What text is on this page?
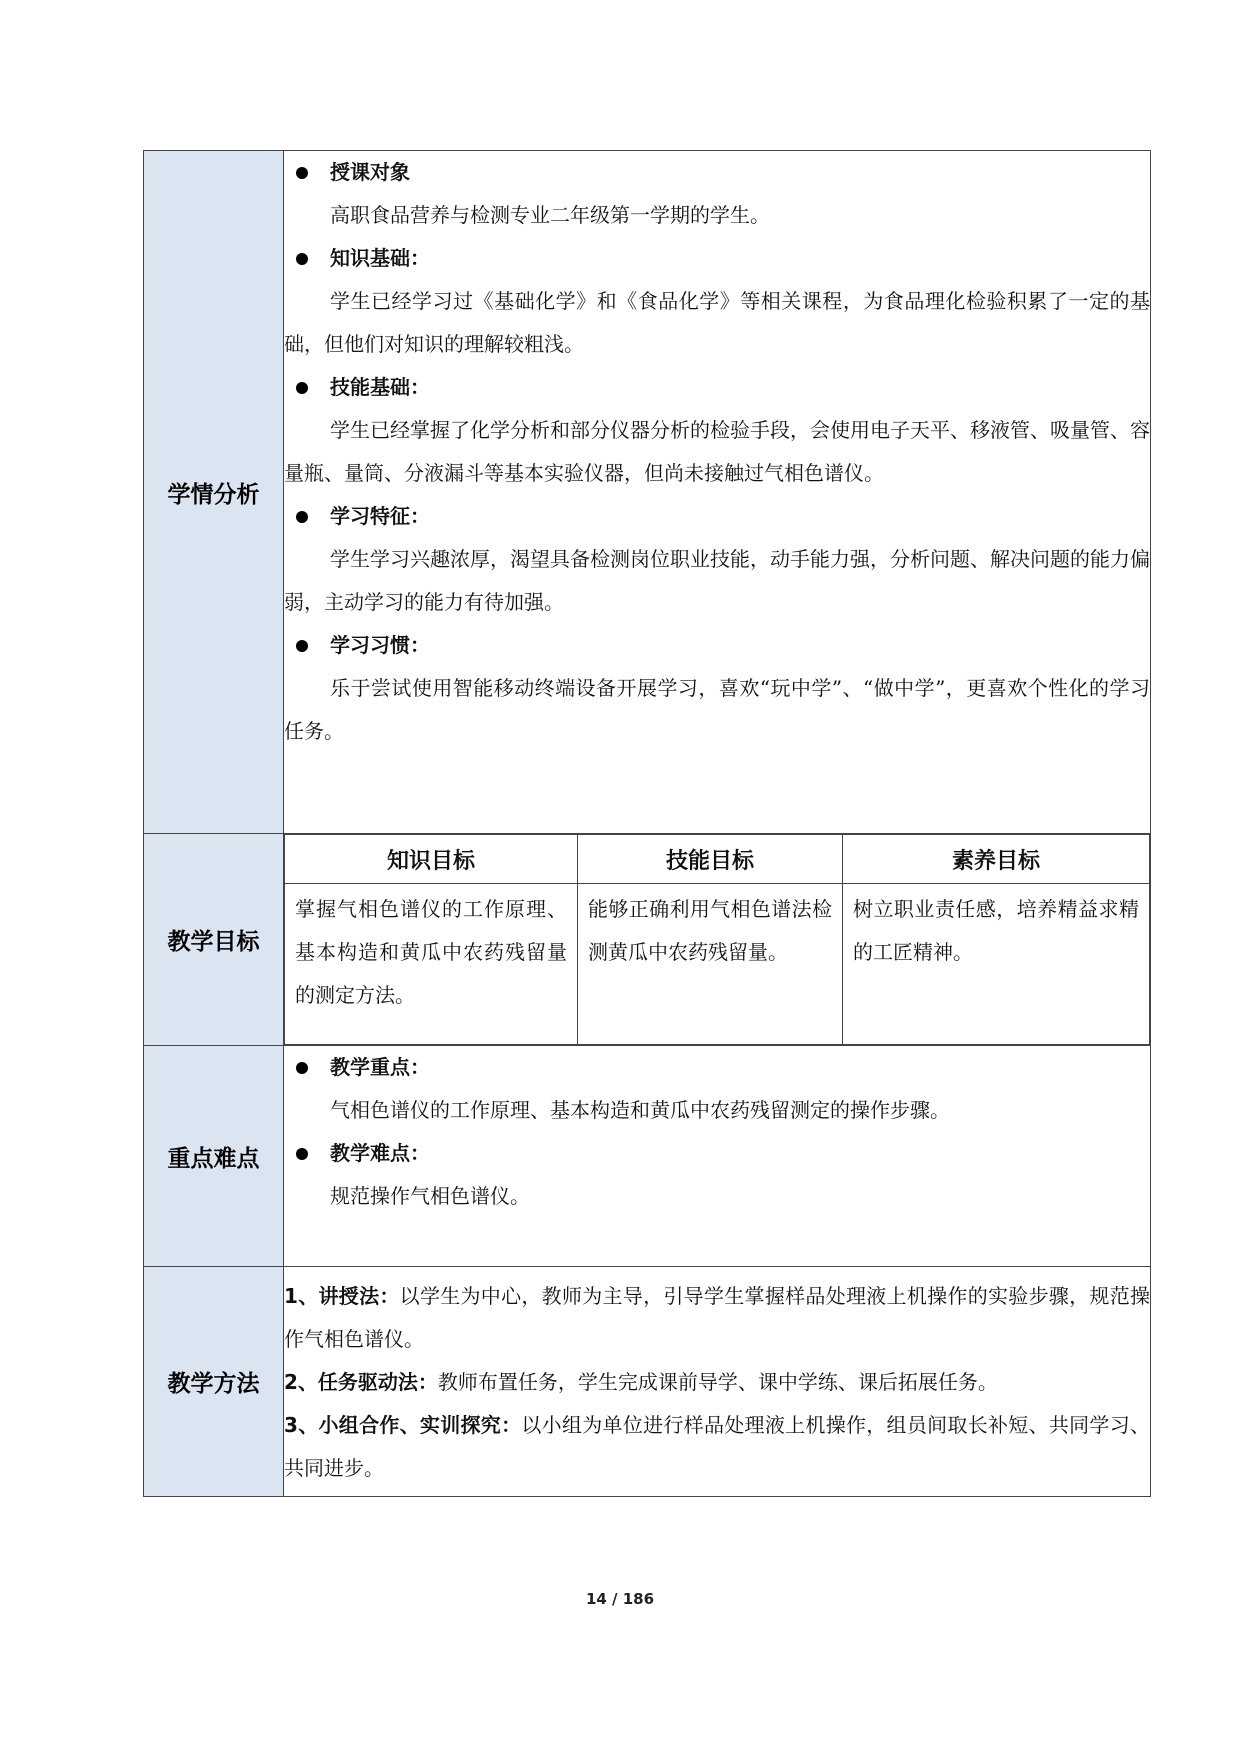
学情分析	
授课对象
高职食品营养与检测专业二年级第一学期的学生。
知识基础：
学生已经学习过《基础化学》和《食品化学》等相关课程，为食品理化检验积累了一定的基础，但他们对知识的理解较粗浅。
技能基础：
学生已经掌握了化学分析和部分仪器分析的检验手段，会使用电子天平、移液管、吸量管、容量瓶、量筒、分液漏斗等基本实验仪器，但尚未接触过气相色谱仪。
学习特征：
学生学习兴趣浓厚，渴望具备检测岗位职业技能，动手能力强，分析问题、解决问题的能力偏弱，主动学习的能力有待加强。
学习习惯：
乐于尝试使用智能移动终端设备开展学习，喜欢“玩中学”、“做中学”，更喜欢个性化的学习任务。

教学目标	
知识目标	技能目标	素养目标
掌握气相色谱仪的工作原理、基本构造和黄瓜中农药残留量的测定方法。	能够正确利用气相色谱法检测黄瓜中农药残留量。	树立职业责任感，培养精益求精的工匠精神。

重点难点	
教学重点：
气相色谱仪的工作原理、基本构造和黄瓜中农药残留测定的操作步骤。
教学难点：
规范操作气相色谱仪。

教学方法	
1、讲授法：以学生为中心，教师为主导，引导学生掌握样品处理液上机操作的实验步骤，规范操作气相色谱仪。
2、任务驱动法：教师布置任务，学生完成课前导学、课中学练、课后拓展任务。
3、小组合作、实训探究：以小组为单位进行样品处理液上机操作，组员间取长补短、共同学习、共同进步。
14 / 186
